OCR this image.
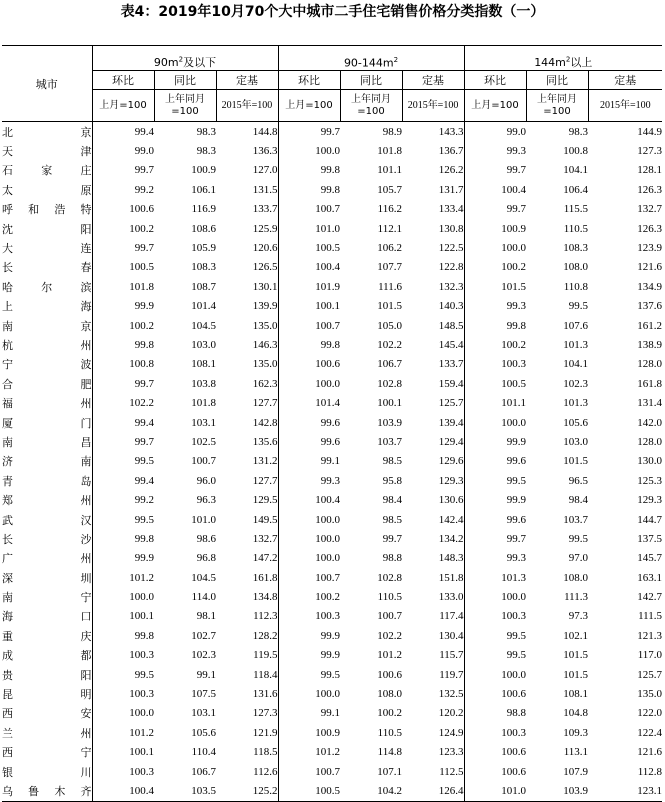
表4：2019年10月70个大中城市二手住宅销售价格分类指数（一）
城市	$90m^2$及以下			$90-144m^2$			$144m^2$以上		
	环比	同比	定基	环比	同比	定基	环比	同比	定基
	上月=100	上年同月=100	2015年=100	上月=100	上年同月=100	2015年=100	上月=100	上年同月=100	2015年=100
北京	99.4	98.3	144.8	99.7	98.9	143.3	99.0	98.3	144.9
天津	99.0	98.3	136.3	100.0	101.8	136.7	99.3	100.8	127.3
石家庄	99.7	100.9	127.0	99.8	101.1	126.2	99.7	104.1	128.1
太原	99.2	106.1	131.5	99.8	105.7	131.7	100.4	106.4	126.3
呼和浩特	100.6	116.9	133.7	100.7	116.2	133.4	99.7	115.5	132.7
沈阳	100.2	108.6	125.9	101.0	112.1	130.8	100.9	110.5	126.3
大连	99.7	105.9	120.6	100.5	106.2	122.5	100.0	108.3	123.9
长春	100.5	108.3	126.5	100.4	107.7	122.8	100.2	108.0	121.6
哈尔滨	101.8	108.7	130.1	101.9	111.6	132.3	101.5	110.8	134.9
上海	99.9	101.4	139.9	100.1	101.5	140.3	99.3	99.5	137.6
南京	100.2	104.5	135.0	100.7	105.0	148.5	99.8	107.6	161.2
杭州	99.8	103.0	146.3	99.8	102.2	145.4	100.2	101.3	138.9
宁波	100.8	108.1	135.0	100.6	106.7	133.7	100.3	104.1	128.0
合肥	99.7	103.8	162.3	100.0	102.8	159.4	100.5	102.3	161.8
福州	102.2	101.8	127.7	101.4	100.1	125.7	101.1	101.3	131.4
厦门	99.4	103.1	142.8	99.6	103.9	139.4	100.0	105.6	142.0
南昌	99.7	102.5	135.6	99.6	103.7	129.4	99.9	103.0	128.0
济南	99.5	100.7	131.2	99.1	98.5	129.6	99.6	101.5	130.0
青岛	99.4	96.0	127.7	99.3	95.8	129.3	99.5	96.5	125.3
郑州	99.2	96.3	129.5	100.4	98.4	130.6	99.9	98.4	129.3
武汉	99.5	101.0	149.5	100.0	98.5	142.4	99.6	103.7	144.7
长沙	99.8	98.6	132.7	100.0	99.7	134.2	99.7	99.5	137.5
广州	99.9	96.8	147.2	100.0	98.8	148.3	99.3	97.0	145.7
深圳	101.2	104.5	161.8	100.7	102.8	151.8	101.3	108.0	163.1
南宁	100.0	114.0	134.8	100.2	110.5	133.0	100.0	111.3	142.7
海口	100.1	98.1	112.3	100.3	100.7	117.4	100.3	97.3	111.5
重庆	99.8	102.7	128.2	99.9	102.2	130.4	99.5	102.1	121.3
成都	100.3	102.3	119.5	99.9	101.2	115.7	99.5	101.5	117.0
贵阳	99.5	99.1	118.4	99.5	100.6	119.7	100.0	101.5	125.7
昆明	100.3	107.5	131.6	100.0	108.0	132.5	100.6	108.1	135.0
西安	100.0	103.1	127.3	99.1	100.2	120.2	98.8	104.8	122.0
兰州	101.2	105.6	121.9	100.9	110.5	124.9	100.3	109.3	122.4
西宁	100.1	110.4	118.5	101.2	114.8	123.3	100.6	113.1	121.6
银川	100.3	106.7	112.6	100.7	107.1	112.5	100.6	107.9	112.8
乌鲁木齐	100.4	103.5	125.2	100.5	104.2	126.4	101.0	103.9	123.1
